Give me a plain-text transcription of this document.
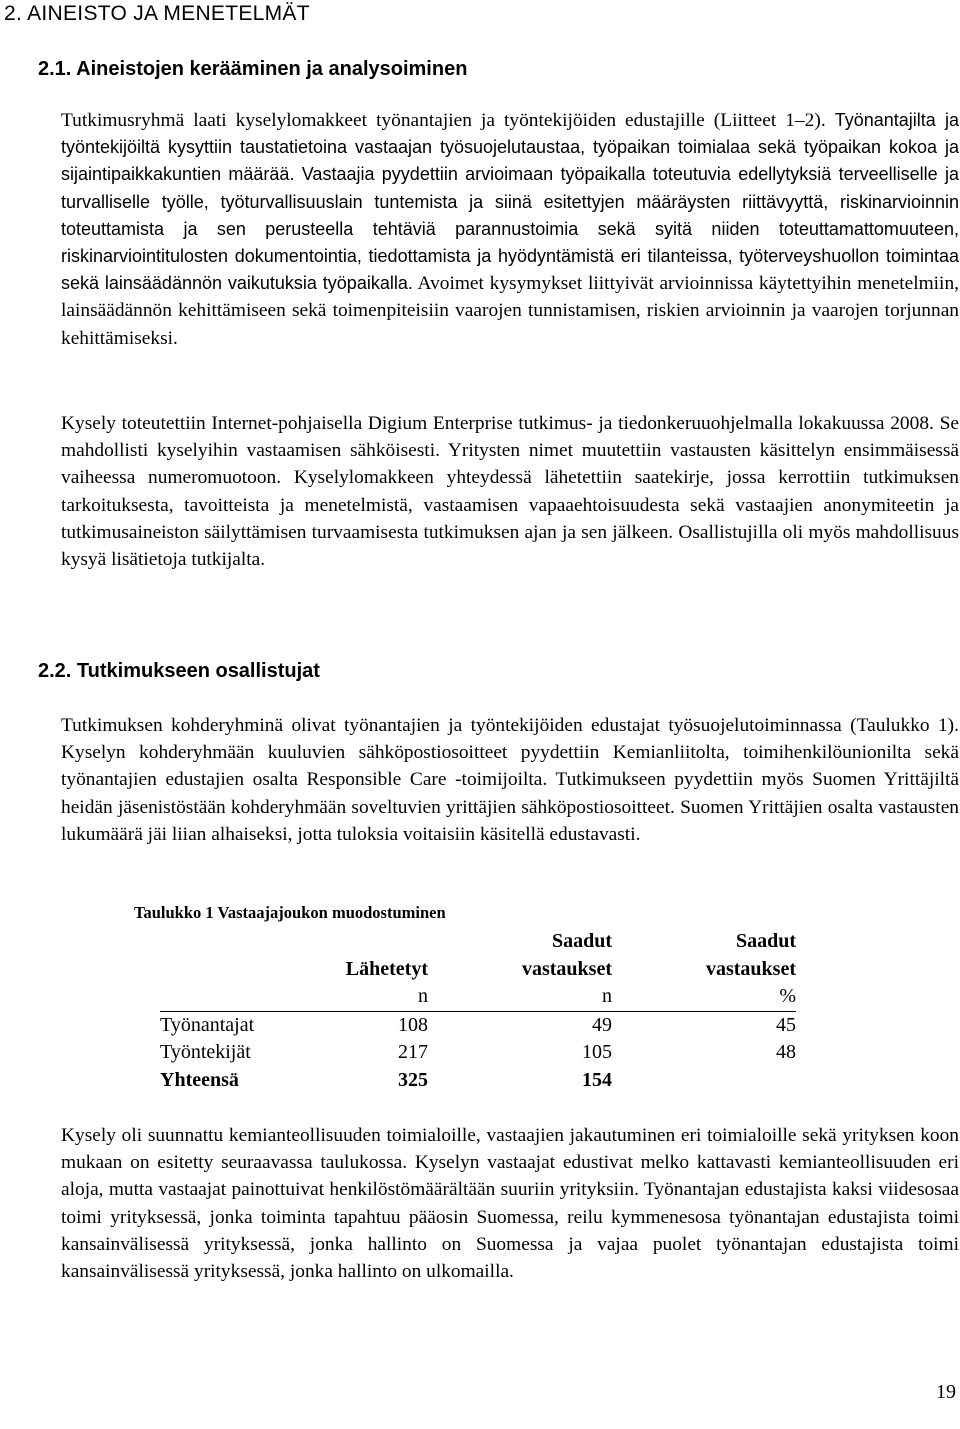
2. AINEISTO JA MENETELMÄT
2.1. Aineistojen kerääminen ja analysoiminen

Tutkimusryhmä laati kyselylomakkeet työnantajien ja työntekijöiden edustajille (Liitteet 1–2). Työnantajilta ja työntekijöiltä kysyttiin taustatietoina vastaajan työsuojelutaustaa, työpaikan toimialaa sekä työpaikan kokoa ja sijaintipaikkakuntien määrää. Vastaajia pyydettiin arvioimaan työpaikalla toteutuvia edellytyksiä terveelliselle ja turvalliselle työlle, työturvallisuuslain tuntemista ja siinä esitettyjen määräysten riittävyyttä, riskinarvioinnin toteuttamista ja sen perusteella tehtäviä parannustoimia sekä syitä niiden toteuttamattomuuteen, riskinarviointitulosten dokumentointia, tiedottamista ja hyödyntämistä eri tilanteissa, työterveyshuollon toimintaa sekä lainsäädännön vaikutuksia työpaikalla. Avoimet kysymykset liittyivät arvioinnissa käytettyihin menetelmiin, lainsäädännön kehittämiseen sekä toimenpiteisiin vaarojen tunnistamisen, riskien arvioinnin ja vaarojen torjunnan kehittämiseksi.

Kysely toteutettiin Internet-pohjaisella Digium Enterprise tutkimus- ja tiedonkeruuohjelmalla lokakuussa 2008. Se mahdollisti kyselyihin vastaamisen sähköisesti. Yritysten nimet muutettiin vastausten käsittelyn ensimmäisessä vaiheessa numeromuotoon. Kyselylomakkeen yhteydessä lähetettiin saatekirje, jossa kerrottiin tutkimuksen tarkoituksesta, tavoitteista ja menetelmistä, vastaamisen vapaaehtoisuudesta sekä vastaajien anonymiteetin ja tutkimusaineiston säilyttämisen turvaamisesta tutkimuksen ajan ja sen jälkeen. Osallistujilla oli myös mahdollisuus kysyä lisätietoja tutkijalta.

2.2. Tutkimukseen osallistujat

Tutkimuksen kohderyhminä olivat työnantajien ja työntekijöiden edustajat työsuojelutoiminnassa (Taulukko 1). Kyselyn kohderyhmään kuuluvien sähköpostiosoitteet pyydettiin Kemianliitolta, toimihenkilöunionilta sekä työnantajien edustajien osalta Responsible Care -toimijoilta. Tutkimukseen pyydettiin myös Suomen Yrittäjiltä heidän jäsenistöstään kohderyhmään soveltuvien yrittäjien sähköpostiosoitteet. Suomen Yrittäjien osalta vastausten lukumäärä jäi liian alhaiseksi, jotta tuloksia voitaisiin käsitellä edustavasti.

Taulukko 1 Vastaajajoukon muodostuminen
		Saadut	Saadut
	Lähetetyt	vastaukset	vastaukset
	n	n	%
Työnantajat	108	49	45
Työntekijät	217	105	48
Yhteensä	325	154	

Kysely oli suunnattu kemianteollisuuden toimialoille, vastaajien jakautuminen eri toimialoille sekä yrityksen koon mukaan on esitetty seuraavassa taulukossa. Kyselyn vastaajat edustivat melko kattavasti kemianteollisuuden eri aloja, mutta vastaajat painottuivat henkilöstömäärältään suuriin yrityksiin. Työnantajan edustajista kaksi viidesosaa toimi yrityksessä, jonka toiminta tapahtuu pääosin Suomessa, reilu kymmenesosa työnantajan edustajista toimi kansainvälisessä yrityksessä, jonka hallinto on Suomessa ja vajaa puolet työnantajan edustajista toimi kansainvälisessä yrityksessä, jonka hallinto on ulkomailla.

19
